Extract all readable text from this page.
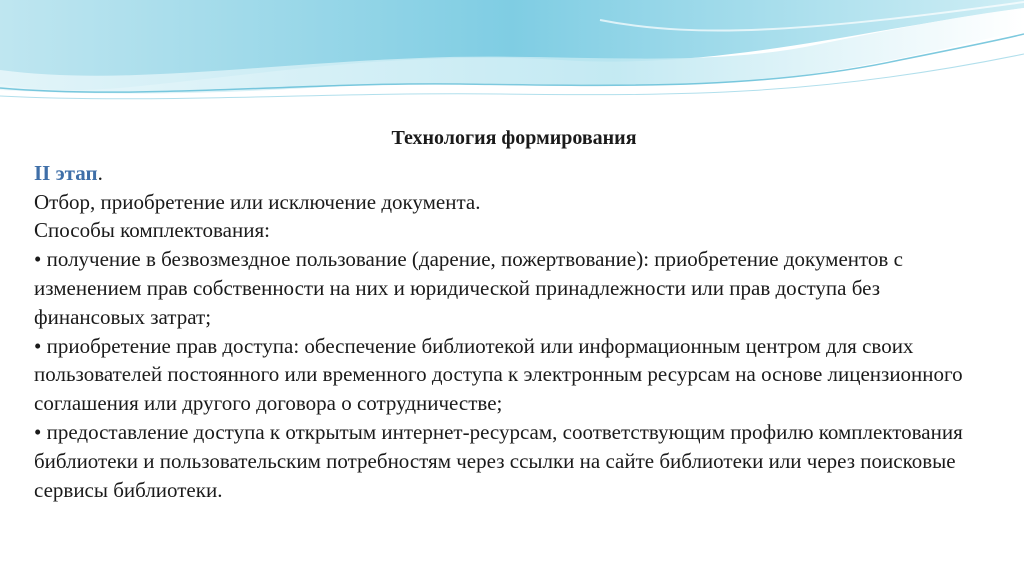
Технология формирования

II этап.

Отбор, приобретение или исключение документа.

Способы комплектования:

• получение в безвозмездное пользование (дарение, пожертвование): приобретение документов с изменением прав собственности на них и юридической принадлежности или прав доступа без финансовых затрат;

• приобретение прав доступа: обеспечение библиотекой или информационным центром для своих пользователей постоянного или временного доступа к электронным ресурсам на основе лицензионного соглашения или другого договора о сотрудничестве;

• предоставление доступа к открытым интернет-ресурсам, соответствующим профилю комплектования библиотеки и пользовательским потребностям через ссылки на сайте библиотеки или через поисковые сервисы библиотеки.
